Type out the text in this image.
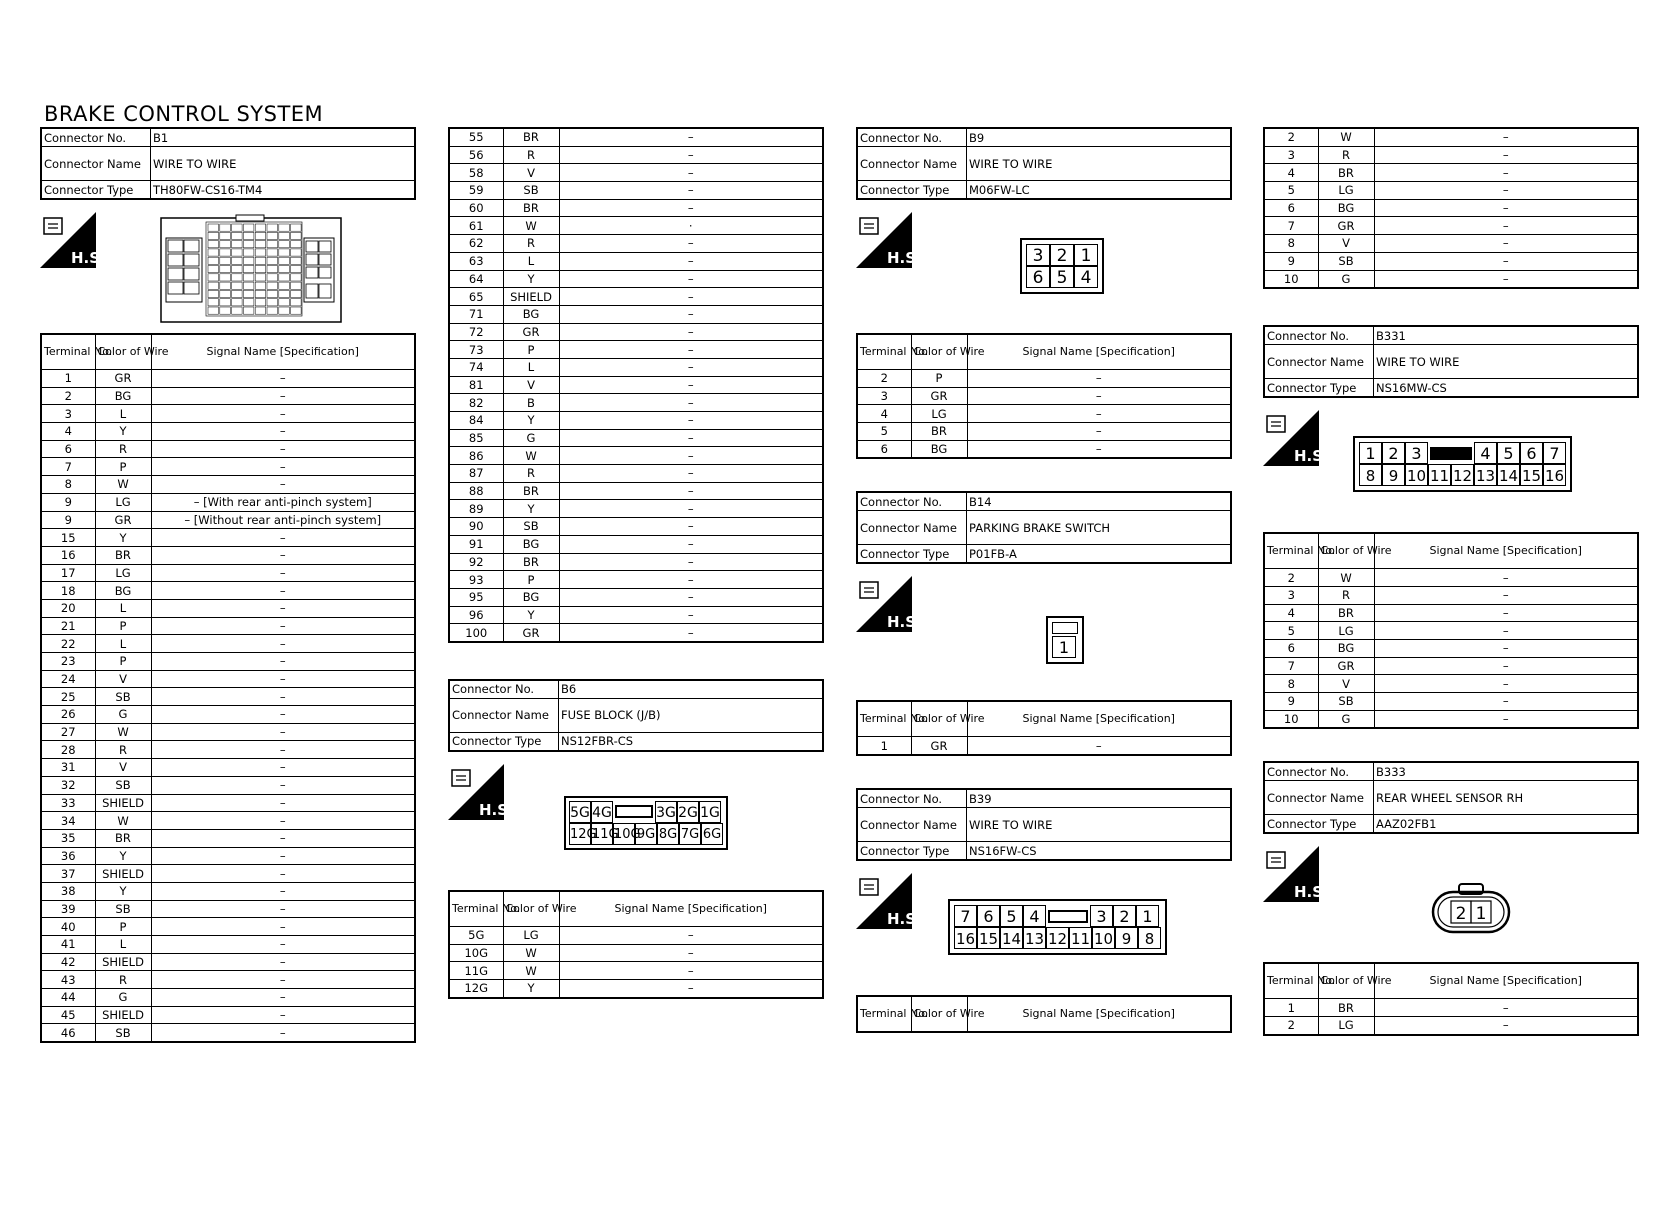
BRAKE CONTROL SYSTEM
Connector No.	B1
Connector Name	WIRE TO WIRE
Connector Type	TH80FW-CS16-TM4
H.S.
Terminal No.	Color of Wire	Signal Name [Specification]
1	GR	–
2	BG	–
3	L	–
4	Y	–
6	R	–
7	P	–
8	W	–
9	LG	– [With rear anti-pinch system]
9	GR	– [Without rear anti-pinch system]
15	Y	–
16	BR	–
17	LG	–
18	BG	–
20	L	–
21	P	–
22	L	–
23	P	–
24	V	–
25	SB	–
26	G	–
27	W	–
28	R	–
31	V	–
32	SB	–
33	SHIELD	–
34	W	–
35	BR	–
36	Y	–
37	SHIELD	–
38	Y	–
39	SB	–
40	P	–
41	L	–
42	SHIELD	–
43	R	–
44	G	–
45	SHIELD	–
46	SB	–
55	BR	–
56	R	–
58	V	–
59	SB	–
60	BR	–
61	W	·
62	R	–
63	L	–
64	Y	–
65	SHIELD	–
71	BG	–
72	GR	–
73	P	–
74	L	–
81	V	–
82	B	–
84	Y	–
85	G	–
86	W	–
87	R	–
88	BR	–
89	Y	–
90	SB	–
91	BG	–
92	BR	–
93	P	–
95	BG	–
96	Y	–
100	GR	–
Connector No.	B6
Connector Name	FUSE BLOCK (J/B)
Connector Type	NS12FBR-CS
H.S.	5G 4G	3G 2G 1G
12G
11G
10G
9G 8G 7G 6G
Terminal No.	Color of Wire	Signal Name [Specification]
5G	LG	–
10G	W	–
11G	W	–
12G	Y	–
Connector No.	B9
Connector Name	WIRE TO WIRE
Connector Type	M06FW-LC
H.S.	3 2 1
6 5 4
Terminal No.	Color of Wire	Signal Name [Specification]
2	P	–
3	GR	–
4	LG	–
5	BR	–
6	BG	–
Connector No.	B14
Connector Name	PARKING BRAKE SWITCH
Connector Type	P01FB-A
H.S.
1
Terminal No.	Color of Wire	Signal Name [Specification]
1	GR	–
Connector No.	B39
Connector Name	WIRE TO WIRE
Connector Type	NS16FW-CS
H.S.	7 6 5 4	3 2 1
16 15 14 13 12 11 10 9 8
Terminal No.	Color of Wire	Signal Name [Specification]
2	W	–
3	R	–
4	BR	–
5	LG	–
6	BG	–
7	GR	–
8	V	–
9	SB	–
10	G	–
Connector No.	B331
Connector Name	WIRE TO WIRE
Connector Type	NS16MW-CS
H.S.	1 2 3	4 5 6 7
8 9 10 11 12 13 14 15 16
Terminal No.	Color of Wire	Signal Name [Specification]
2	W	–
3	R	–
4	BR	–
5	LG	–
6	BG	–
7	GR	–
8	V	–
9	SB	–
10	G	–
Connector No.	B333
Connector Name	REAR WHEEL SENSOR RH
Connector Type	AAZ02FB1
H.S.
2 1
Terminal No.	Color of Wire	Signal Name [Specification]
1	BR	–
2	LG	–
